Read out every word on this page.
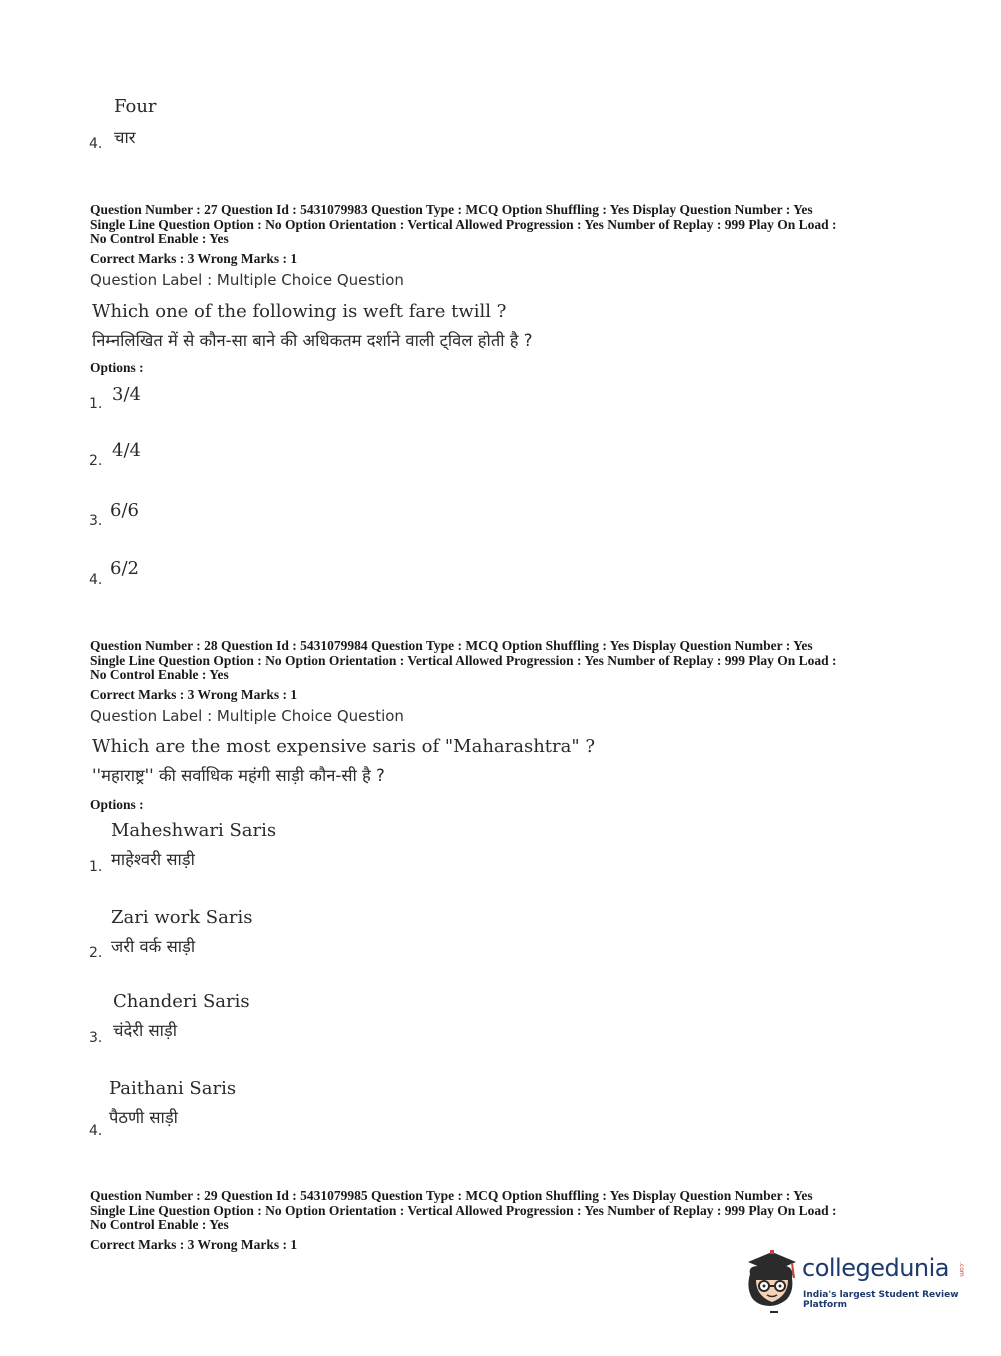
Four
चार
4.
Question Number : 27 Question Id : 5431079983 Question Type : MCQ Option Shuffling : Yes Display Question Number : Yes
Single Line Question Option : No Option Orientation : Vertical Allowed Progression : Yes Number of Replay : 999 Play On Load :
No Control Enable : Yes
Correct Marks : 3 Wrong Marks : 1
Question Label : Multiple Choice Question
Which one of the following is weft fare twill ?
निम्नलिखित में से कौन-सा बाने की अधिकतम दर्शाने वाली ट्विल होती है ?
Options :
1. 3/4
2. 4/4
3. 6/6
4.
6/2
Question Number : 28 Question Id : 5431079984 Question Type : MCQ Option Shuffling : Yes Display Question Number : Yes
Single Line Question Option : No Option Orientation : Vertical Allowed Progression : Yes Number of Replay : 999 Play On Load :
No Control Enable : Yes
Correct Marks : 3 Wrong Marks : 1
Question Label : Multiple Choice Question
Which are the most expensive saris of "Maharashtra" ?
''महाराष्ट्र'' की सर्वाधिक महंगी साड़ी कौन-सी है ?
Options :
Maheshwari Saris
माहेश्वरी साड़ी
1.
Zari work Saris
जरी वर्क साड़ी
2.
Chanderi Saris
चंदेरी साड़ी
3.
Paithani Saris
पैठणी साड़ी
4.
Question Number : 29 Question Id : 5431079985 Question Type : MCQ Option Shuffling : Yes Display Question Number : Yes
Single Line Question Option : No Option Orientation : Vertical Allowed Progression : Yes Number of Replay : 999 Play On Load :
No Control Enable : Yes
Correct Marks : 3 Wrong Marks : 1
collegedunia .com
India's largest Student Review Platform
